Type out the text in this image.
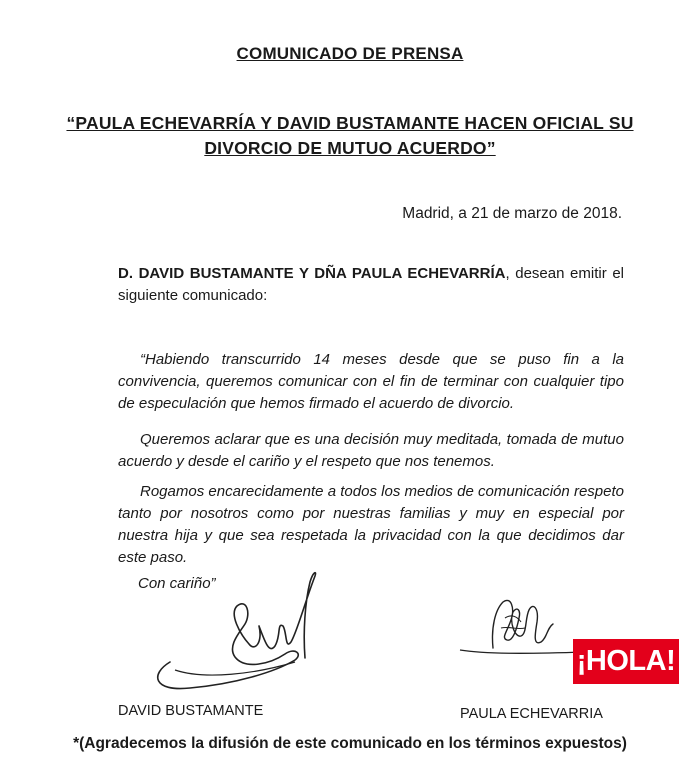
COMUNICADO DE PRENSA
“PAULA ECHEVARRÍA Y DAVID BUSTAMANTE HACEN OFICIAL SU
DIVORCIO DE MUTUO ACUERDO”
Madrid, a 21 de marzo de 2018.
D. DAVID BUSTAMANTE Y DÑA PAULA ECHEVARRÍA, desean emitir el siguiente comunicado:
“Habiendo transcurrido 14 meses desde que se puso fin a la convivencia, queremos comunicar con el fin de terminar con cualquier tipo de especulación que hemos firmado el acuerdo de divorcio.
Queremos aclarar que es una decisión muy meditada, tomada de mutuo acuerdo y desde el cariño y el respeto que nos tenemos.
Rogamos encarecidamente a todos los medios de comunicación respeto tanto por nosotros como por nuestras familias y muy en especial por nuestra hija y que sea respetada la privacidad con la que decidimos dar este paso.
Con cariño”
DAVID BUSTAMANTE	PAULA ECHEVARRIA
¡HOLA!
*(Agradecemos la difusión de este comunicado en los términos expuestos)
